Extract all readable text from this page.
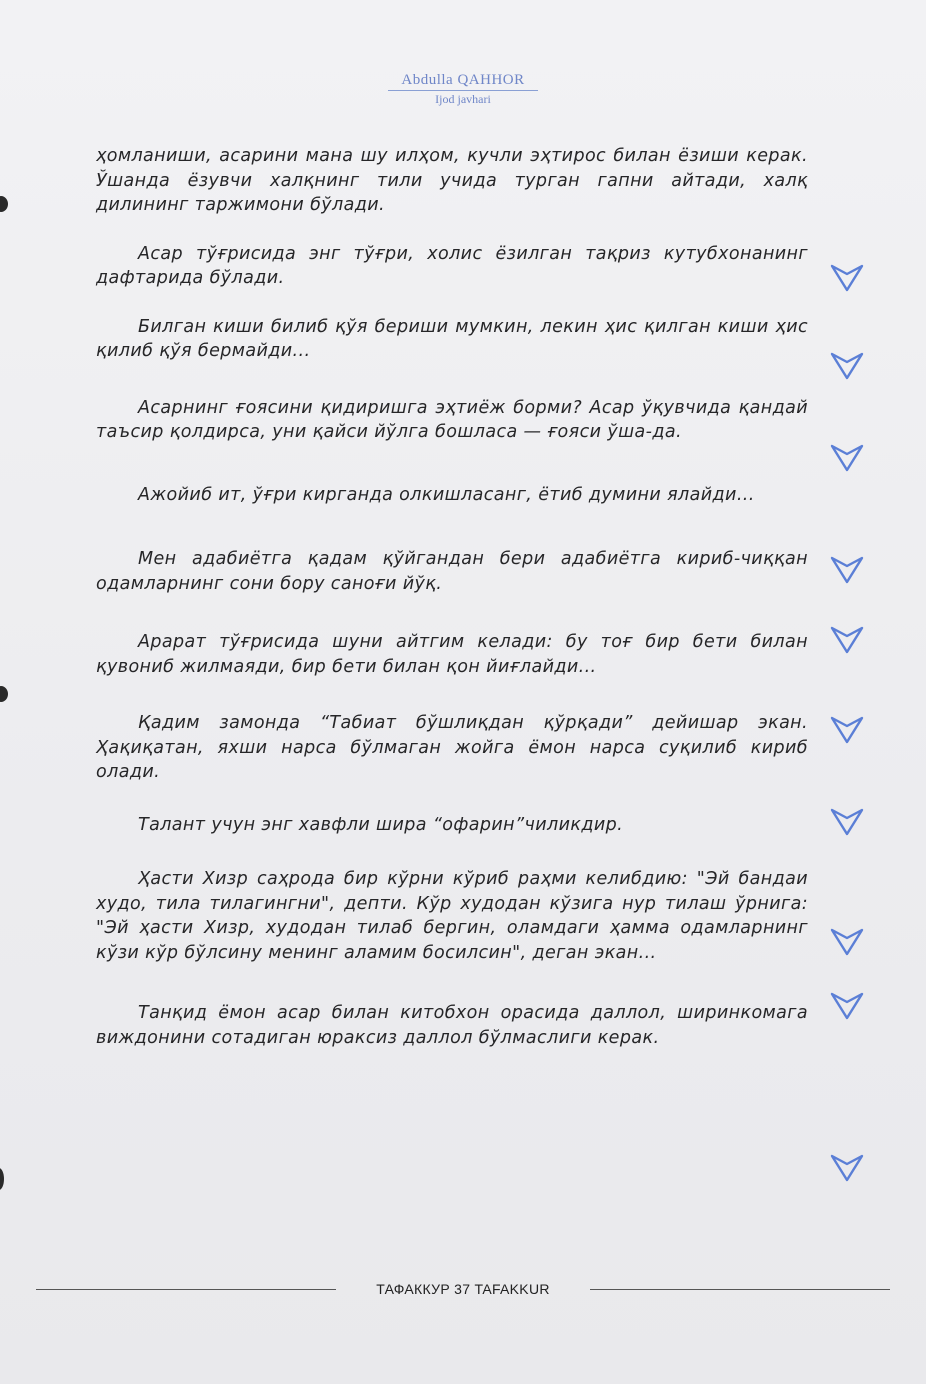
Abdulla QAHHOR
Ijod javhari

ҳомланиши, асарини мана шу илҳом, кучли эҳтирос билан ёзиши керак. Ўшанда ёзувчи халқнинг тили учида турган гапни айтади, халқ дилининг таржимони бўлади.

Асар тўғрисида энг тўғри, холис ёзилган тақриз кутубхонанинг дафтарида бўлади.

Билган киши билиб қўя бериши мумкин, лекин ҳис қилган киши ҳис қилиб қўя бермайди...

Асарнинг ғоясини қидиришга эҳтиёж борми? Асар ўқувчида қандай таъсир қолдирса, уни қайси йўлга бошласа — ғояси ўша-да.

Ажойиб ит, ўғри кирганда олкишласанг, ётиб думини ялайди...

Мен адабиётга қадам қўйгандан бери адабиётга кириб-чиққан одамларнинг сони бору саноғи йўқ.

Арарат тўғрисида шуни айтгим келади: бу тоғ бир бети билан қувониб жилмаяди, бир бети билан қон йиғлайди...

Қадим замонда “Табиат бўшлиқдан қўрқади” дейишар экан. Ҳақиқатан, яхши нарса бўлмаган жойга ёмон нарса суқилиб кириб олади.

Талант учун энг хавфли шира “офарин”чиликдир.

Ҳасти Хизр саҳрода бир кўрни кўриб раҳми келибдию: "Эй бандаи худо, тила тилагингни", депти. Кўр худодан кўзига нур тилаш ўрнига: "Эй ҳасти Хизр, худодан тилаб бергин, оламдаги ҳамма одамларнинг кўзи кўр бўлсину менинг аламим босилсин", деган экан...

Танқид ёмон асар билан китобхон орасида даллол, ширинкомага виждонини сотадиган юраксиз даллол бўлмаслиги керак.

ТАФАККУР 37 TAFAKKUR
